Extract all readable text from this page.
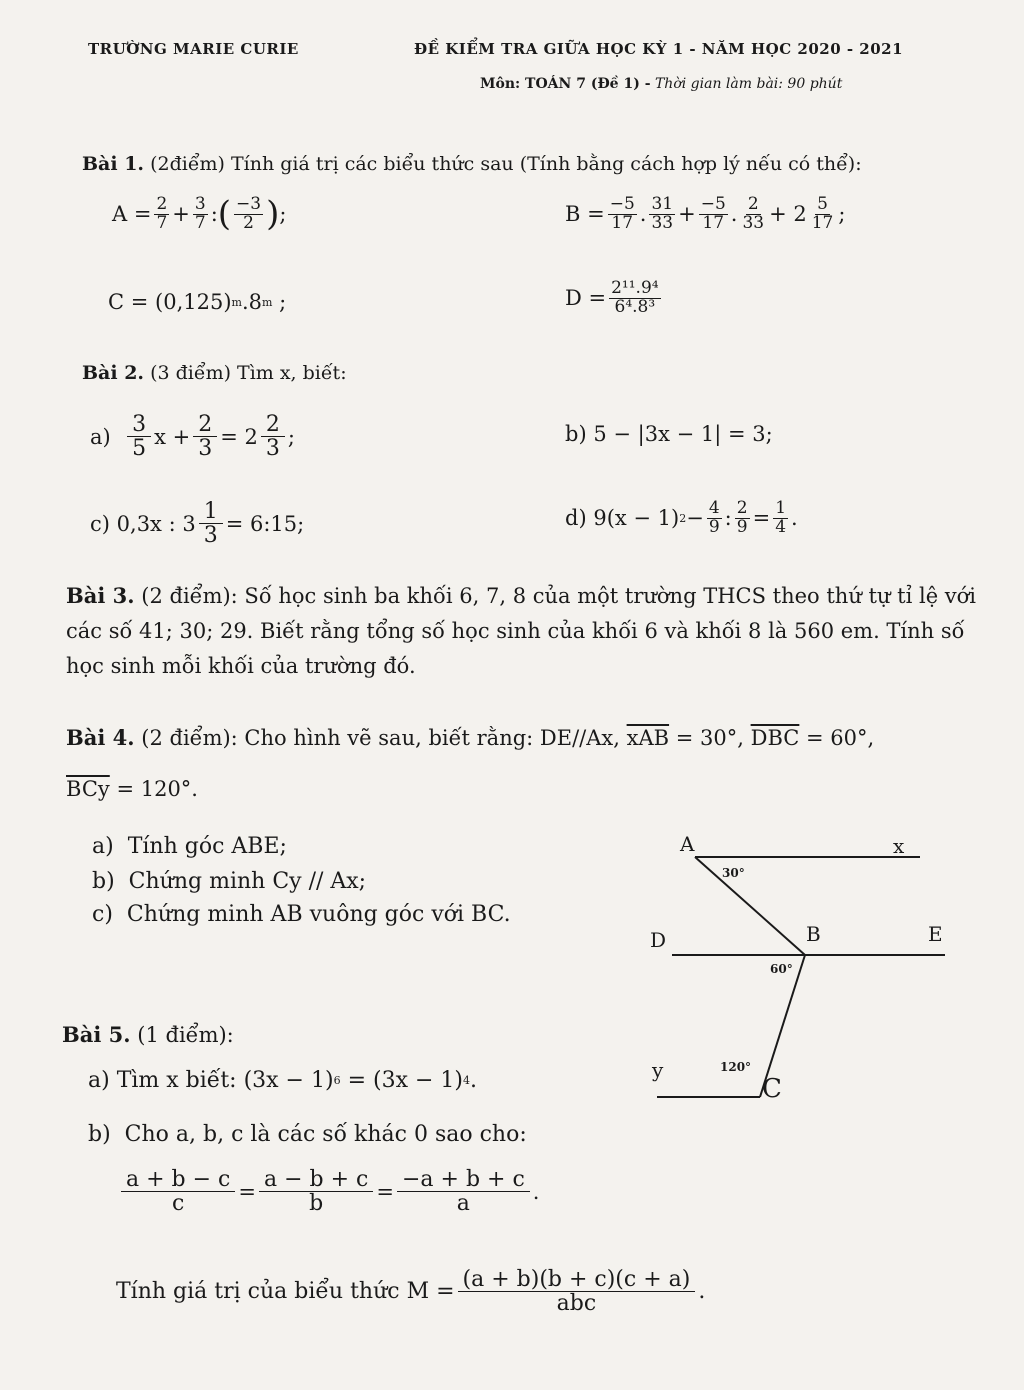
TRƯỜNG MARIE CURIE	ĐỀ KIỂM TRA GIỮA HỌC KỲ 1 - NĂM HỌC 2020 - 2021
Môn: TOÁN 7 (Đề 1) - Thời gian làm bài: 90 phút
Bài 1. (2điểm) Tính giá trị các biểu thức sau (Tính bằng cách hợp lý nếu có thể):
$A = \frac{2}{7} + \frac{3}{7}$ : ( $\frac{-3}{2}$ ) ;	$B = \frac{-5}{17}$ . $\frac{31}{33} + \frac{-5}{17}$ . $\frac{2}{33} + 2 \frac{5}{17}$ ;
C =
(0,125) m .8 m
;	$D = \frac{\text{2¹¹.9⁴}}{\text{6⁴.8³}}$
Bài 2. (3 điểm) Tìm x, biết:
a)
$\frac{3}{5}$ $x + \frac{2}{3} = 2 \frac{2}{3}$ ;	b)
5 − |3x − 1| = 3;
c)
0,3x : $3 \frac{1}{3}$ = 6:15;	d)
9(x − 1) $2 - \frac{4}{9}$ : $\frac{2}{9} = \frac{1}{4}$ .
Bài 3. (2 điểm): Số học sinh ba khối 6, 7, 8 của một trường THCS theo thứ tự tỉ lệ với các số 41; 30; 29. Biết rằng tổng số học sinh của khối 6 và khối 8 là 560 em. Tính số học sinh mỗi khối của trường đó.
Bài 4. (2 điểm): Cho hình vẽ sau, biết rằng: DE//Ax, $\overline{xAB} = 30^\circ$, $\overline{DBC} = 60^\circ$,
$\overline{BCy} = 120^\circ$.
a) Tính góc ABE;
b) Chứng minh Cy // Ax;
c) Chứng minh AB vuông góc với BC.
A	x
D	B	E
y
C
30°
60°
120°
Bài 5. (1 điểm):
a)
Tìm x biết:
(3x − 1) 6
= (3x − 1) 4 .
b) Cho a, b, c là các số khác 0 sao cho:
$\frac{a + b - c}{c} = \frac{a - b + c}{b} = \frac{-a + b + c}{a}$ .
Tính giá trị của biểu thức $M = \frac{(a + b)(b + c)(c + a)}{\text{abc}}$ .
